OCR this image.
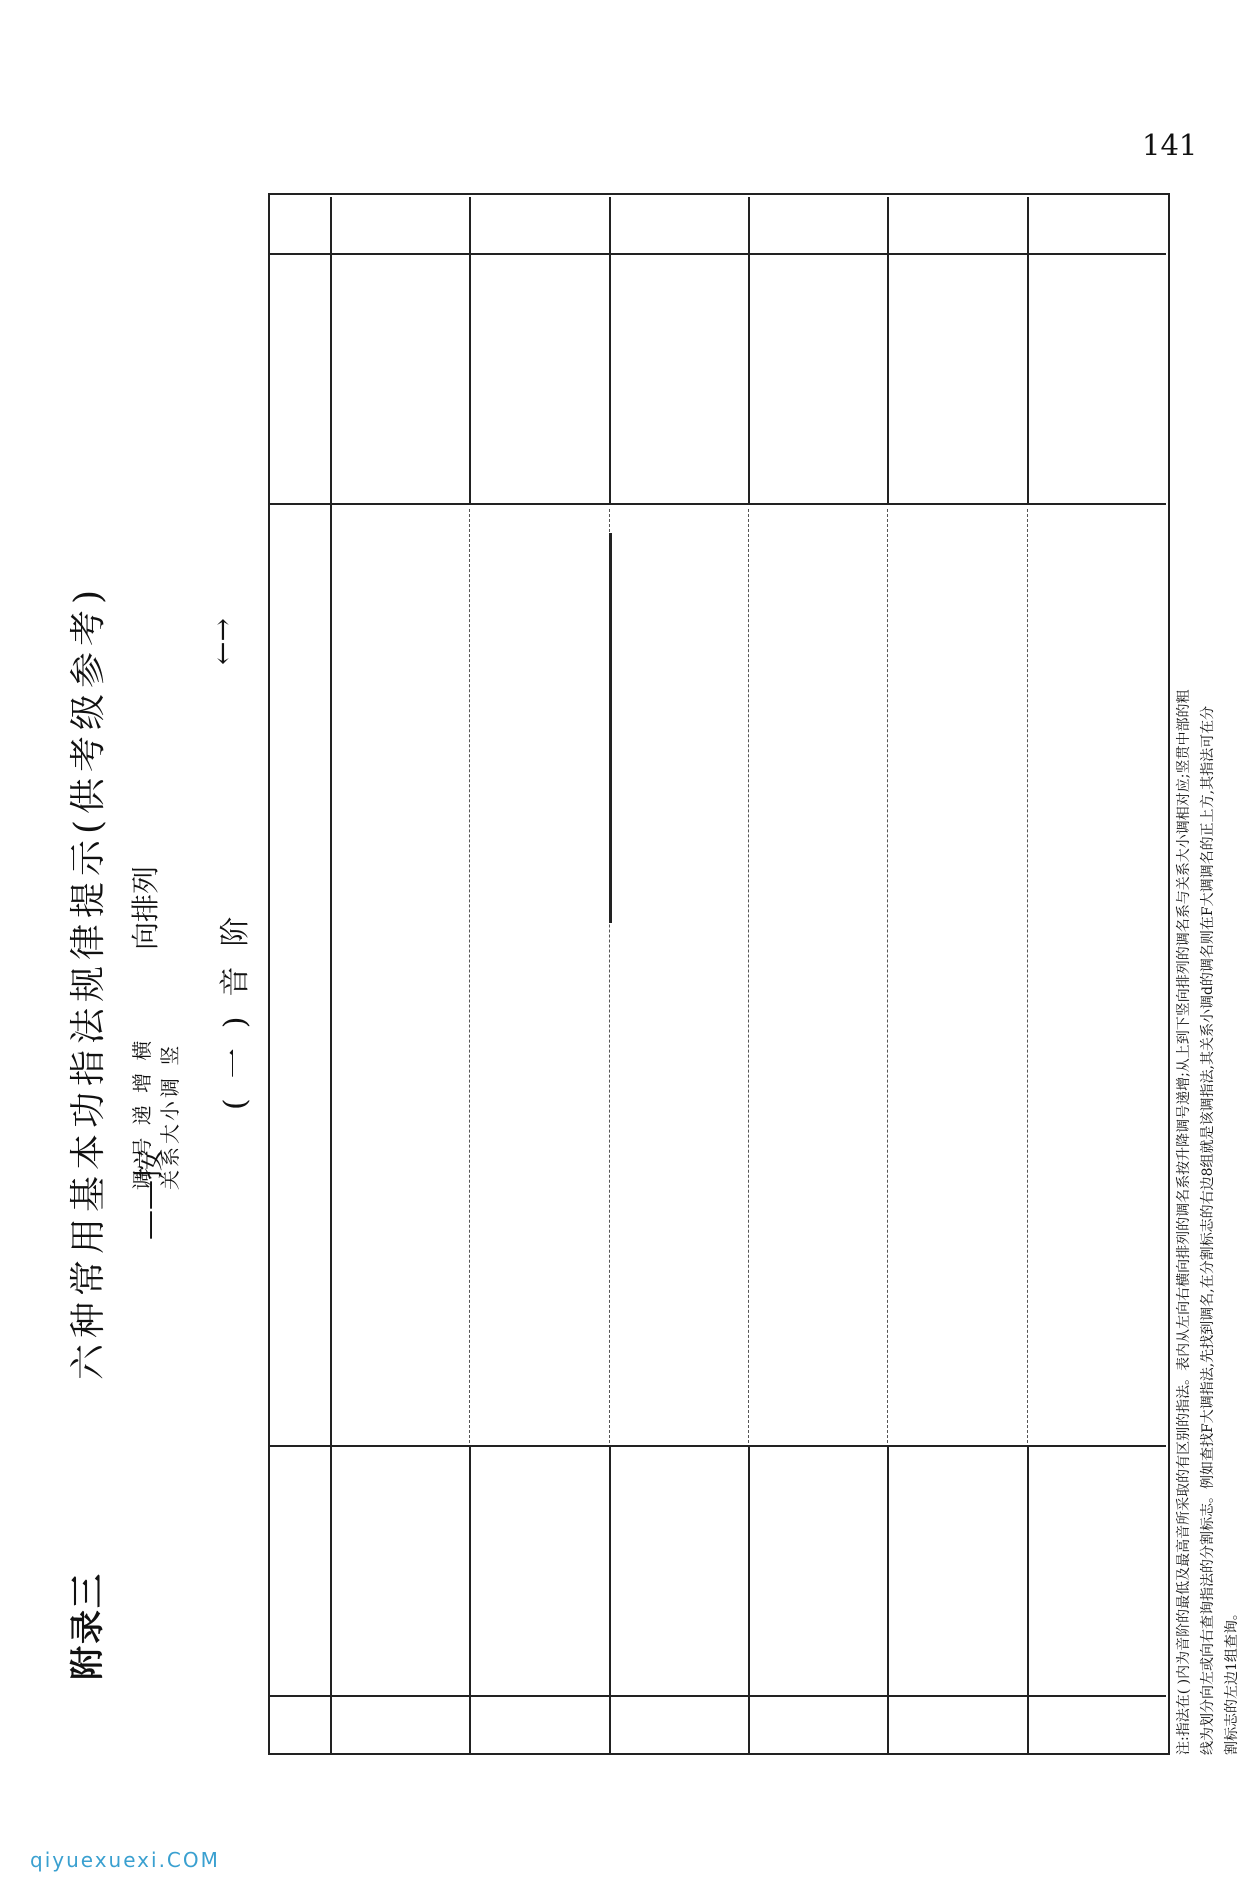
141
附录三
六种常用基本功指法规律提示(供考级参考) ——按
调 号 递 增 横 关系大小调 竖
向排列 (一)音阶
←→
注:指法在( )内为音阶的最低及最高音所采取的有区别的指法。表内从左向右横向排列的调名系按升降调号递增;从上到下竖向排列的调名系与关系大小调相对应;竖贯中部的粗 线为划分向左或向右查询指法的分割标志。例如查找F大调指法,先找到调名,在分割标志的右边8组就是该调指法,其关系小调d的调名则在F大调调名的正上方,其指法可在分 割标志的左边1组查询。
qiyuexuexi.COM
